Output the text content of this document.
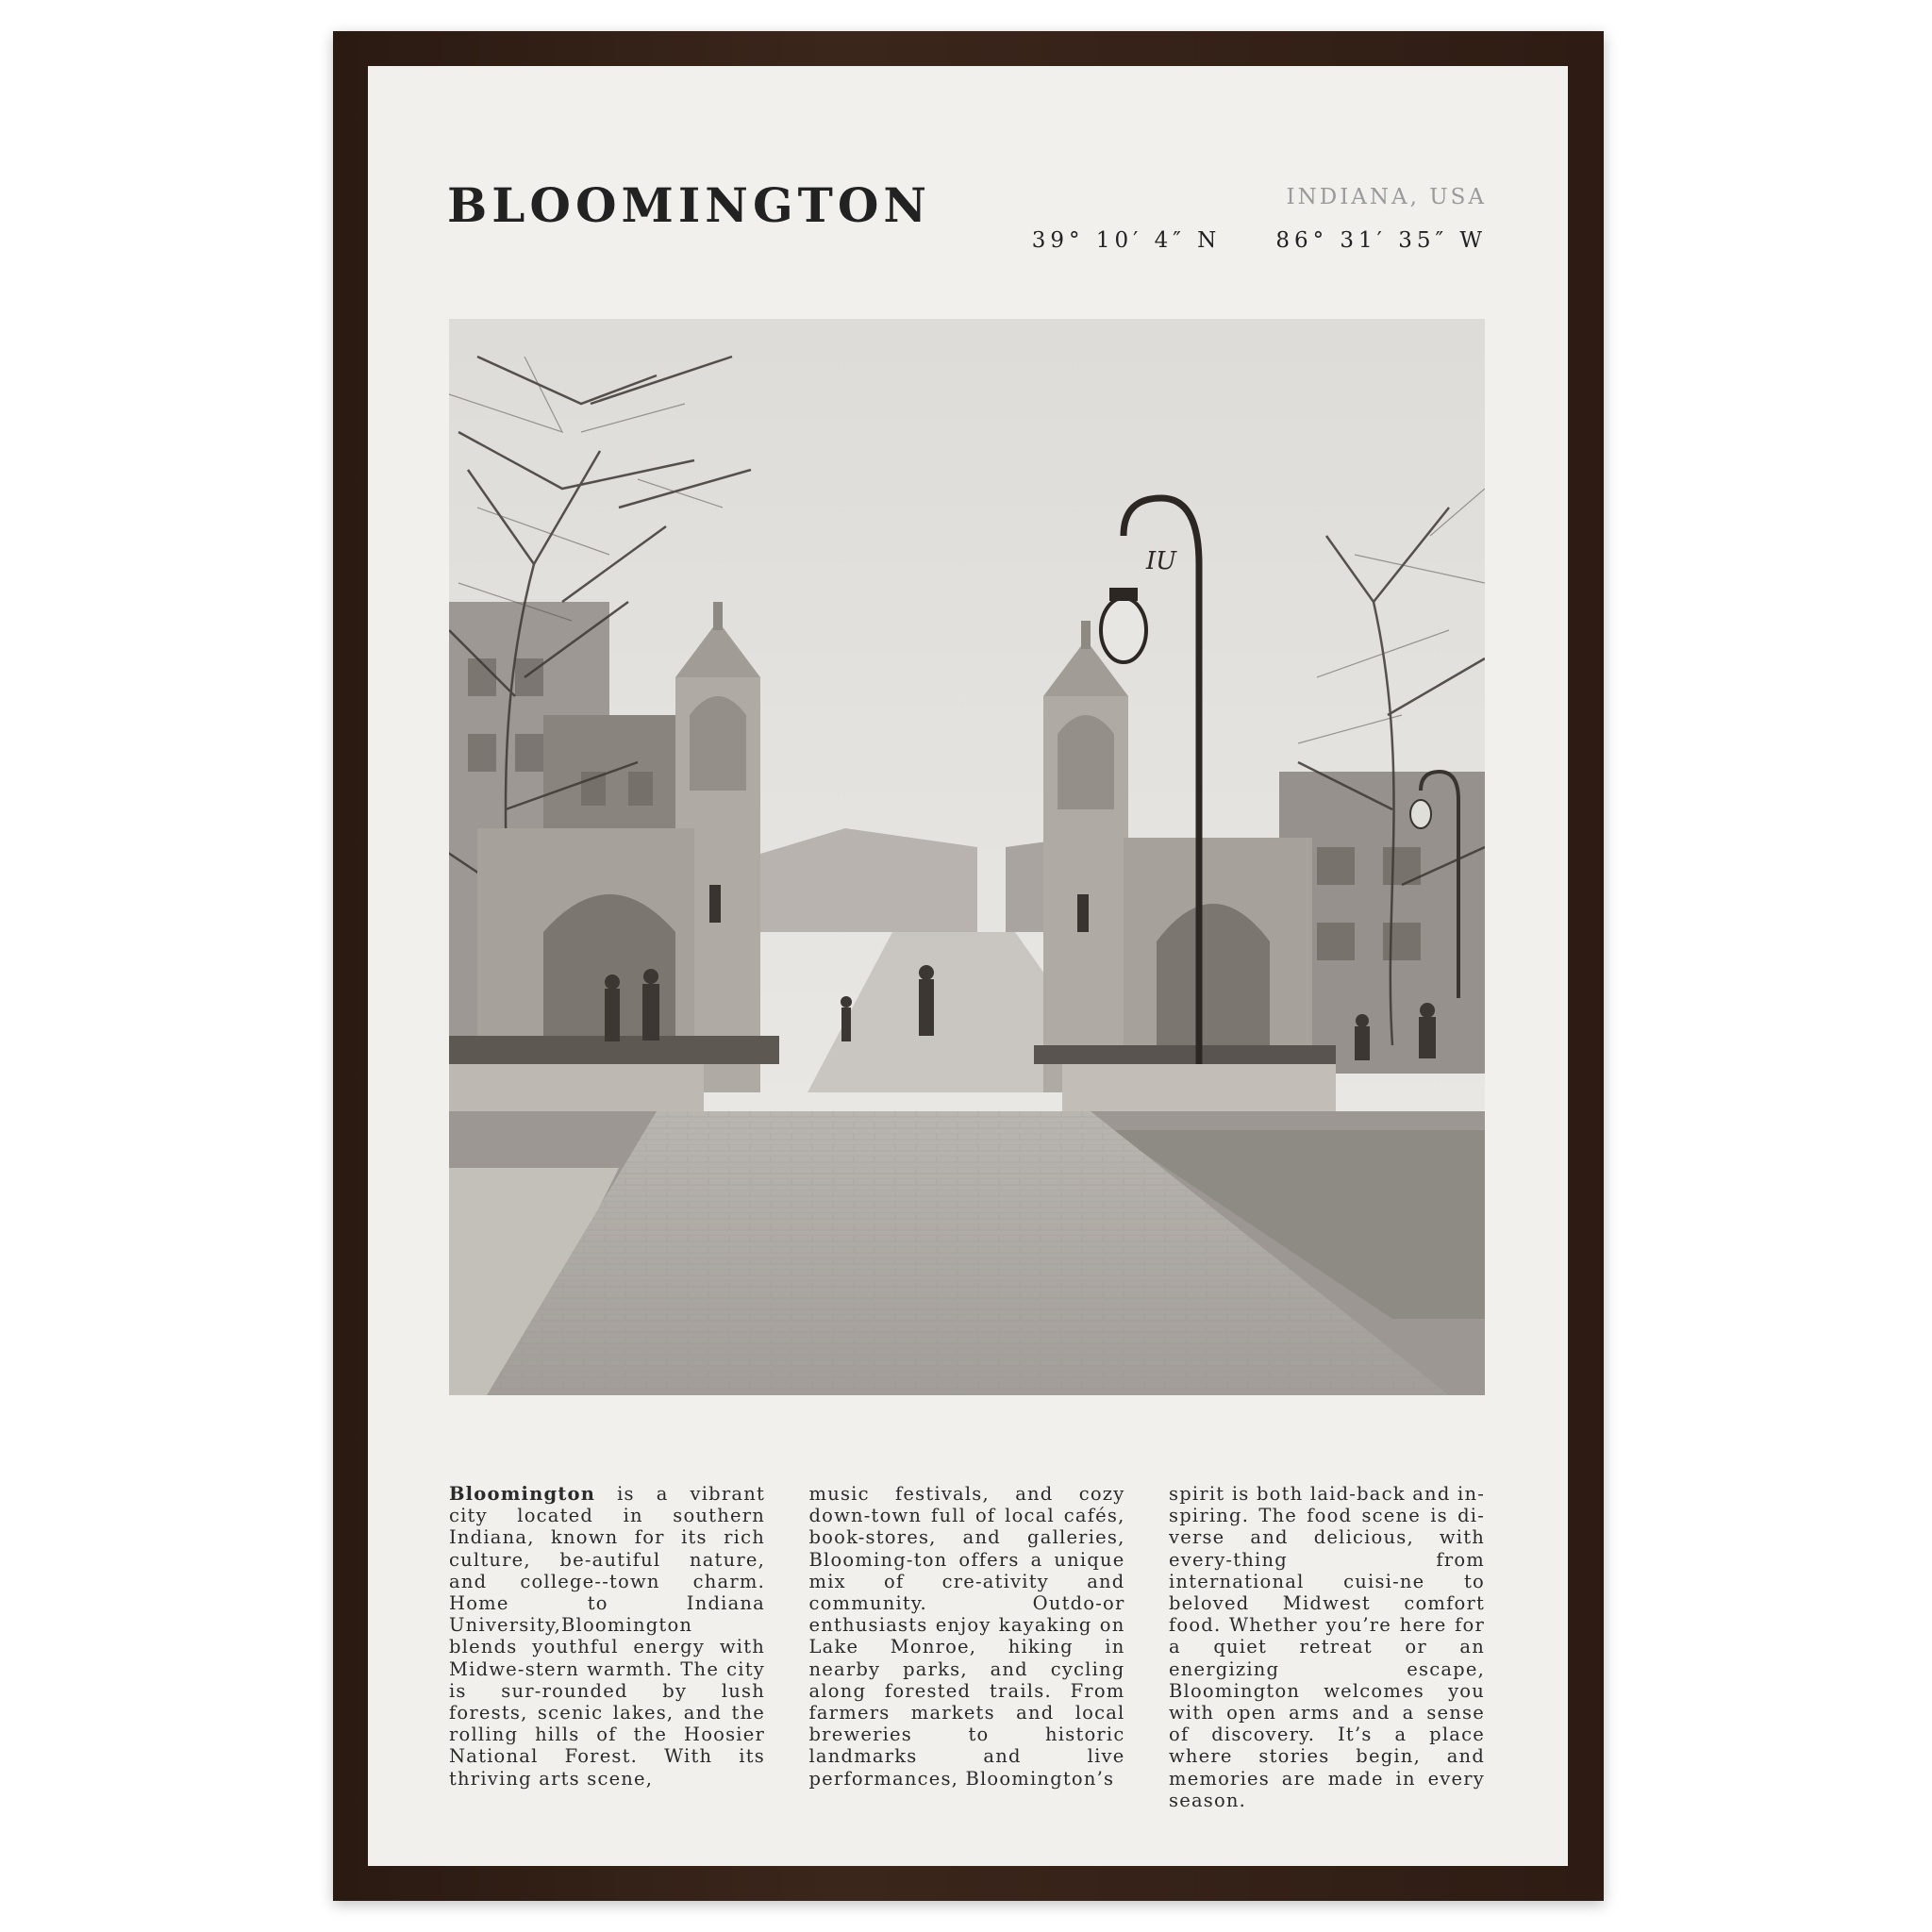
BLOOMINGTON	INDIANA, USA
39° 10′ 4″ N	86° 31′ 35″ W
IU

Bloomington is a vibrant city located in southern Indiana, known for its rich culture, be-autiful nature, and college--town charm. Home to Indiana University,Bloomington blends youthful energy with Midwe-stern warmth. The city is sur-rounded by lush forests, scenic lakes, and the rolling hills of the Hoosier National Forest. With its thriving arts scene,

music festivals, and cozy down-town full of local cafés, book-stores, and galleries, Blooming-ton offers a unique mix of cre-ativity and community. Outdo-or enthusiasts enjoy kayaking on Lake Monroe, hiking in nearby parks, and cycling along forested trails. From farmers markets and local breweries to historic landmarks and live performances, Bloomington’s

spirit is both laid-back and in-spiring. The food scene is di-verse and delicious, with every-thing from international cuisi-ne to beloved Midwest comfort food. Whether you’re here for a quiet retreat or an energizing escape, Bloomington welcomes you with open arms and a sense of discovery. It’s a place where stories begin, and memories are made in every season.
